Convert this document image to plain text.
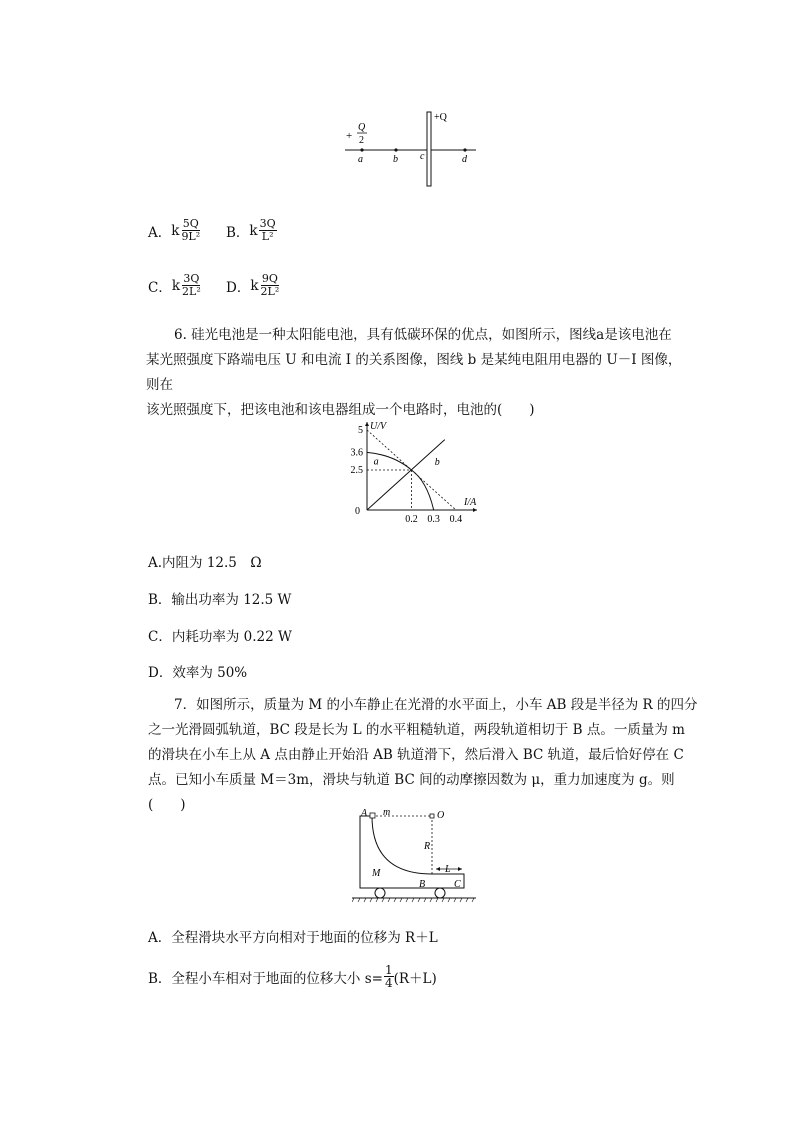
+
Q
2
+Q
a	b c	d
A． k $\frac{5Q}{\text{9L²}}$ B． k $\frac{3Q}{\text{L²}}$
C． k $\frac{3Q}{\text{2L²}}$ D． k $\frac{9Q}{\text{2L²}}$
6. 硅光电池是一种太阳能电池，具有低碳环保的优点，如图所示，图线a是该电池在
某光照强度下路端电压 U 和电流 I 的关系图像，图线 b 是某纯电阻用电器的 U－I 图像，则在
该光照强度下，把该电池和该电器组成一个电路时，电池的(　　)
U/V
I/A
0
5
3.6
2.5
0.2 0.3 0.4
a	b
A.内阻为 12.5　Ω
B．输出功率为 12.5 W
C．内耗功率为 0.22 W
D．效率为 50%
7．如图所示，质量为 M 的小车静止在光滑的水平面上，小车 AB 段是半径为 R 的四分
之一光滑圆弧轨道，BC 段是长为 L 的水平粗糙轨道，两段轨道相切于 B 点。一质量为 m
的滑块在小车上从 A 点由静止开始沿 AB 轨道滑下，然后滑入 BC 轨道，最后恰好停在 C
点。已知小车质量 M＝3m，滑块与轨道 BC 间的动摩擦因数为 μ，重力加速度为 g。则(　　)
A m	O
R
L
M
B	C
A．全程滑块水平方向相对于地面的位移为 R＋L
B．全程小车相对于地面的位移大小 $s= \frac{1}{4} (R+L)$
